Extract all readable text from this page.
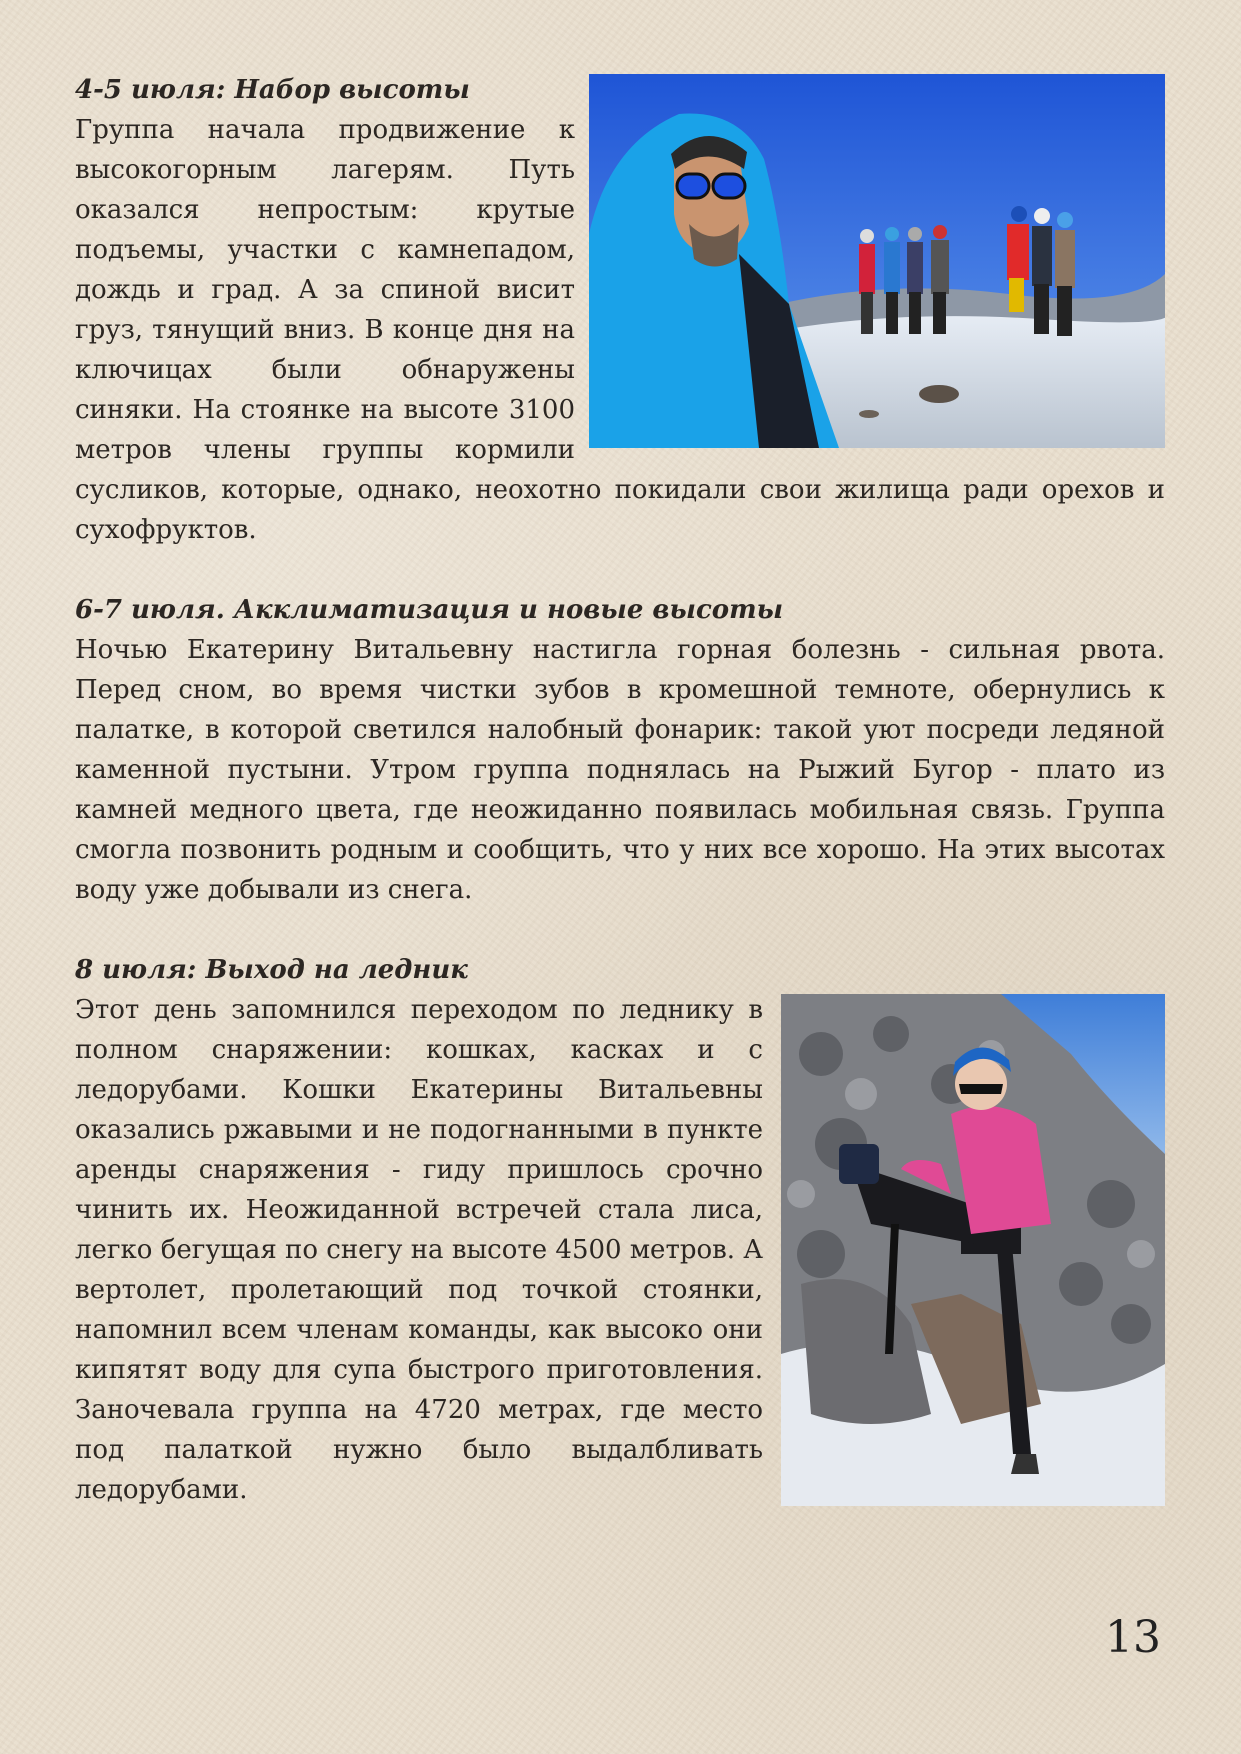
4-5 июля: Набор высоты

Группа начала продвижение к высокогорным лагерям. Путь оказался непростым: крутые подъемы, участки с камнепадом, дождь и град. А за спиной висит груз, тянущий вниз. В конце дня на ключицах были обнаружены синяки. На стоянке на высоте 3100 метров члены группы кормили сусликов, которые, однако, неохотно покидали свои жилища ради орехов и сухофруктов.

6-7 июля. Акклиматизация и новые высоты

Ночью Екатерину Витальевну настигла горная болезнь - сильная рвота. Перед сном, во время чистки зубов в кромешной темноте, обернулись к палатке, в которой светился налобный фонарик: такой уют посреди ледяной каменной пустыни. Утром группа поднялась на Рыжий Бугор - плато из камней медного цвета, где неожиданно появилась мобильная связь. Группа смогла позвонить родным и сообщить, что у них все хорошо. На этих высотах воду уже добывали из снега.

8 июля: Выход на ледник

Этот день запомнился переходом по леднику в полном снаряжении: кошках, касках и с ледорубами. Кошки Екатерины Витальевны оказались ржавыми и не подогнанными в пункте аренды снаряжения - гиду пришлось срочно чинить их. Неожиданной встречей стала лиса, легко бегущая по снегу на высоте 4500 метров. А вертолет, пролетающий под точкой стоянки, напомнил всем членам команды, как высоко они кипятят воду для супа быстрого приготовления. Заночевала группа на 4720 метрах, где место под палаткой нужно было выдалбливать ледорубами.

13
